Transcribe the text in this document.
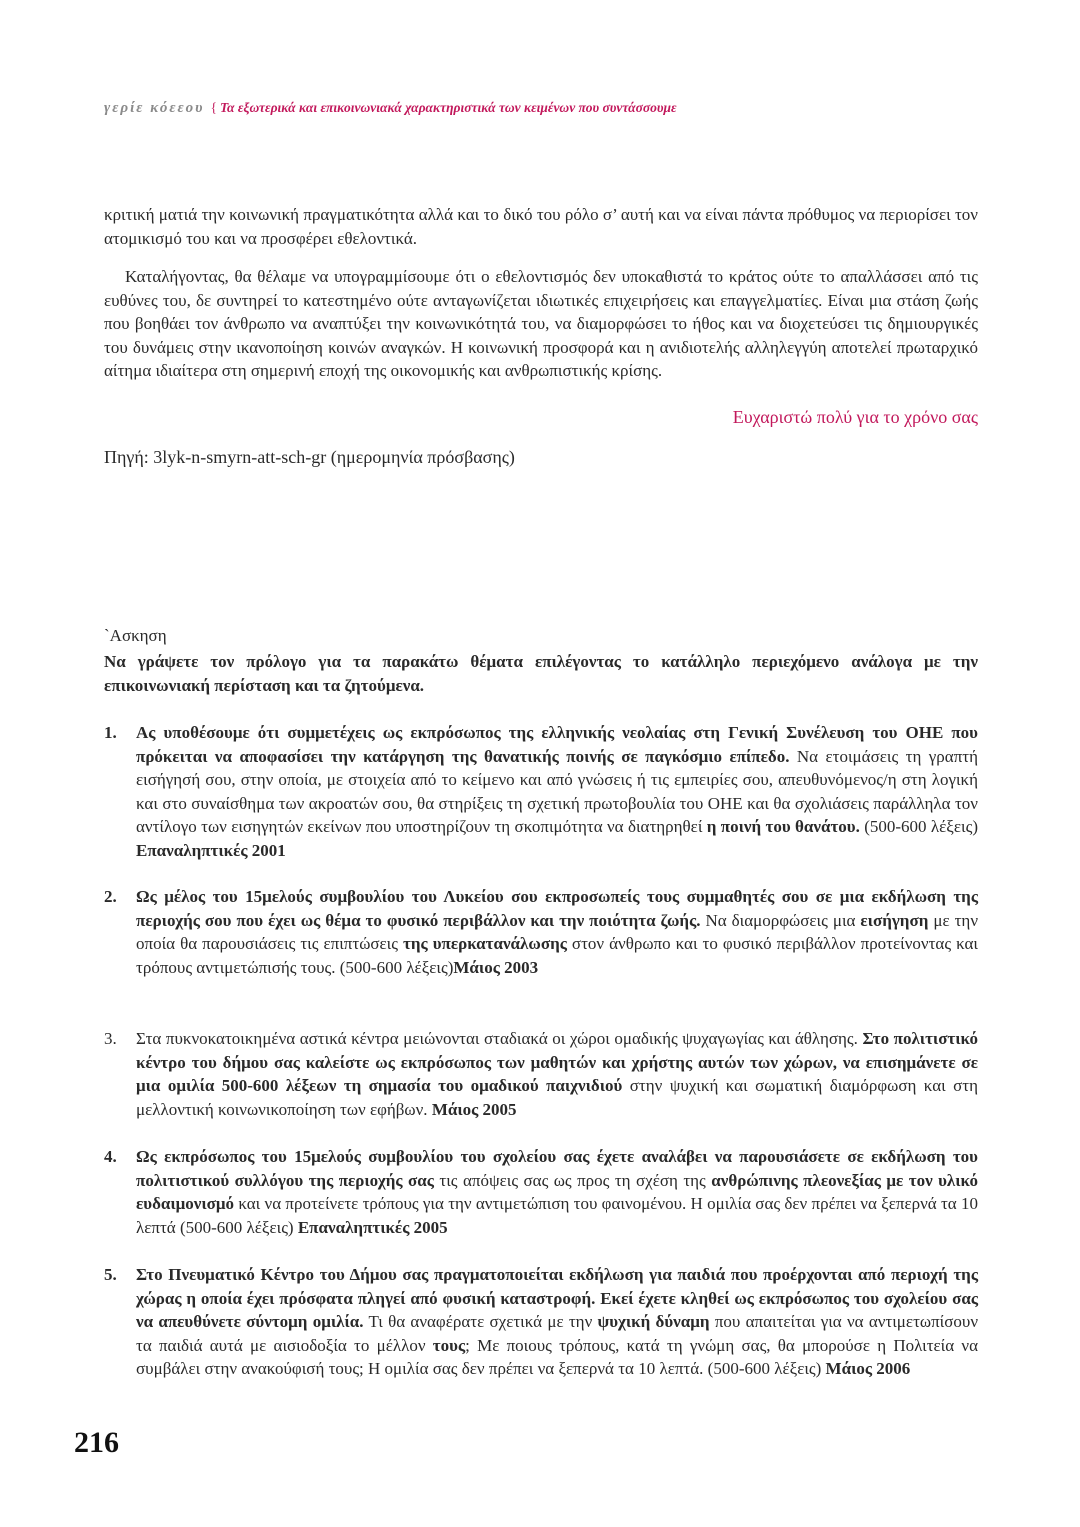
γερίε κόεεου { Τα εξωτερικά και επικοινωνιακά χαρακτηριστικά των κειμένων που συντάσσουμε

κριτική ματιά την κοινωνική πραγματικότητα αλλά και το δικό του ρόλο σ’ αυτή και να είναι πάντα πρόθυμος να περιορίσει τον ατομικισμό του και να προσφέρει εθελοντικά.

Καταλήγοντας, θα θέλαμε να υπογραμμίσουμε ότι ο εθελοντισμός δεν υποκαθιστά το κράτος ούτε το απαλλάσσει από τις ευθύνες του, δε συντηρεί το κατεστημένο ούτε ανταγωνίζεται ιδιωτικές επιχειρήσεις και επαγγελματίες. Είναι μια στάση ζωής που βοηθάει τον άνθρωπο να αναπτύξει την κοινωνικότητά του, να διαμορφώσει το ήθος και να διοχετεύσει τις δημιουργικές του δυνάμεις στην ικανοποίηση κοινών αναγκών. Η κοινωνική προσφορά και η ανιδιοτελής αλληλεγγύη αποτελεί πρωταρχικό αίτημα ιδιαίτερα στη σημερινή εποχή της οικονομικής και ανθρωπιστικής κρίσης.

Ευχαριστώ πολύ για το χρόνο σας
Πηγή: 3lyk-n-smyrn-att-sch-gr (ημερομηνία πρόσβασης)
`Ασκηση
Να γράψετε τον πρόλογο για τα παρακάτω θέματα επιλέγοντας το κατάλληλο περιεχόμενο ανάλογα με την επικοινωνιακή περίσταση και τα ζητούμενα.
1.	Ας υποθέσουμε ότι συμμετέχεις ως εκπρόσωπος της ελληνικής νεολαίας στη Γενική Συνέλευση του ΟΗΕ που πρόκειται να αποφασίσει την κατάργηση της θανατικής ποινής σε παγκόσμιο επίπεδο. Να ετοιμάσεις τη γραπτή εισήγησή σου, στην οποία, με στοιχεία από το κείμενο και από γνώσεις ή τις εμπειρίες σου, απευθυνόμενος/η στη λογική και στο συναίσθημα των ακροατών σου, θα στηρίξεις τη σχετική πρωτοβουλία του ΟΗΕ και θα σχολιάσεις παράλληλα τον αντίλογο των εισηγητών εκείνων που υποστηρίζουν τη σκοπιμότητα να διατηρηθεί η ποινή του θανάτου. (500-600 λέξεις) Επαναληπτικές 2001
2.	Ως μέλος του 15μελούς συμβουλίου του Λυκείου σου εκπροσωπείς τους συμμαθητές σου σε μια εκδήλωση της περιοχής σου που έχει ως θέμα το φυσικό περιβάλλον και την ποιότητα ζωής. Να διαμορφώσεις μια εισήγηση με την οποία θα παρουσιάσεις τις επιπτώσεις της υπερκατανάλωσης στον άνθρωπο και το φυσικό περιβάλλον προτείνοντας και τρόπους αντιμετώπισής τους. (500-600 λέξεις)Μάιος 2003
3.	Στα πυκνοκατοικημένα αστικά κέντρα μειώνονται σταδιακά οι χώροι ομαδικής ψυχαγωγίας και άθλησης. Στο πολιτιστικό κέντρο του δήμου σας καλείστε ως εκπρόσωπος των μαθητών και χρήστης αυτών των χώρων, να επισημάνετε σε μια ομιλία 500-600 λέξεων τη σημασία του ομαδικού παιχνιδιού στην ψυχική και σωματική διαμόρφωση και στη μελλοντική κοινωνικοποίηση των εφήβων. Μάιος 2005
4.	Ως εκπρόσωπος του 15μελούς συμβουλίου του σχολείου σας έχετε αναλάβει να παρουσιάσετε σε εκδήλωση του πολιτιστικού συλλόγου της περιοχής σας τις απόψεις σας ως προς τη σχέση της ανθρώπινης πλεονεξίας με τον υλικό ευδαιμονισμό και να προτείνετε τρόπους για την αντιμετώπιση του φαινομένου. Η ομιλία σας δεν πρέπει να ξεπερνά τα 10 λεπτά (500-600 λέξεις) Επαναληπτικές 2005
5.	Στο Πνευματικό Κέντρο του Δήμου σας πραγματοποιείται εκδήλωση για παιδιά που προέρχονται από περιοχή της χώρας η οποία έχει πρόσφατα πληγεί από φυσική καταστροφή. Εκεί έχετε κληθεί ως εκπρόσωπος του σχολείου σας να απευθύνετε σύντομη ομιλία. Τι θα αναφέρατε σχετικά με την ψυχική δύναμη που απαιτείται για να αντιμετωπίσουν τα παιδιά αυτά με αισιοδοξία το μέλλον τους; Με ποιους τρόπους, κατά τη γνώμη σας, θα μπορούσε η Πολιτεία να συμβάλει στην ανακούφισή τους; Η ομιλία σας δεν πρέπει να ξεπερνά τα 10 λεπτά. (500-600 λέξεις) Μάιος 2006
216
